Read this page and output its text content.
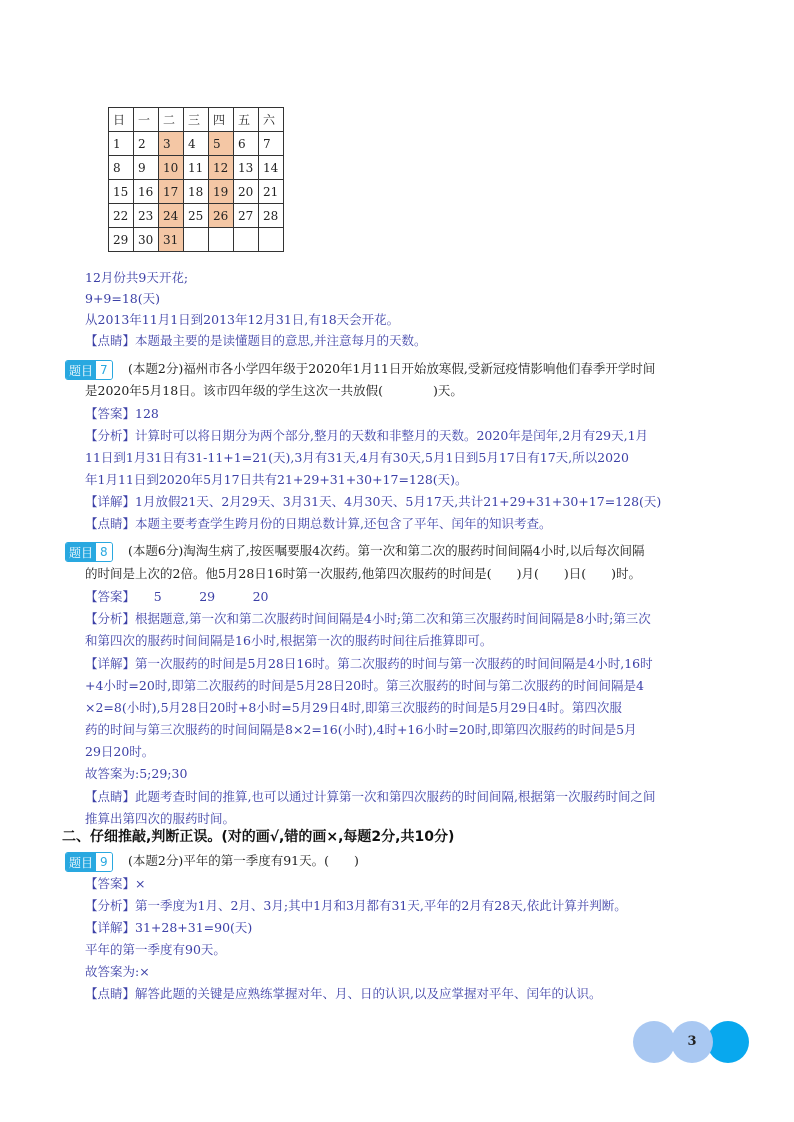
日	一	二	三	四	五	六
1	2	3	4	5	6	7
8	9	10	11	12	13	14
15	16	17	18	19	20	21
22	23	24	25	26	27	28
29	30	31				
12月份共9天开花;
9+9=18(天)
从2013年11月1日到2013年12月31日,有18天会开花。
【点睛】本题最主要的是读懂题目的意思,并注意每月的天数。
题目 7	(本题2分)福州市各小学四年级于2020年1月11日开始放寒假,受新冠疫情影响他们春季开学时间
是2020年5月18日。该市四年级的学生这次一共放假(　　　　)天。
【答案】128
【分析】计算时可以将日期分为两个部分,整月的天数和非整月的天数。2020年是闰年,2月有29天,1月
11日到1月31日有31-11+1=21(天),3月有31天,4月有30天,5月1日到5月17日有17天,所以2020
年1月11日到2020年5月17日共有21+29+31+30+17=128(天)。
【详解】1月放假21天、2月29天、3月31天、4月30天、5月17天,共计21+29+31+30+17=128(天)
【点睛】本题主要考查学生跨月份的日期总数计算,还包含了平年、闰年的知识考查。
题目 8	(本题6分)淘淘生病了,按医嘱要服4次药。第一次和第二次的服药时间间隔4小时,以后每次间隔
的时间是上次的2倍。他5月28日16时第一次服药,他第四次服药的时间是(　　)月(　　)日(　　)时。
【答案】　　5　　　29　　　20
【分析】根据题意,第一次和第二次服药时间间隔是4小时;第二次和第三次服药时间间隔是8小时;第三次
和第四次的服药时间间隔是16小时,根据第一次的服药时间往后推算即可。
【详解】第一次服药的时间是5月28日16时。第二次服药的时间与第一次服药的时间间隔是4小时,16时
+4小时=20时,即第二次服药的时间是5月28日20时。第三次服药的时间与第二次服药的时间间隔是4
×2=8(小时),5月28日20时+8小时=5月29日4时,即第三次服药的时间是5月29日4时。第四次服
药的时间与第三次服药的时间间隔是8×2=16(小时),4时+16小时=20时,即第四次服药的时间是5月
29日20时。
故答案为:5;29;30
【点睛】此题考查时间的推算,也可以通过计算第一次和第四次服药的时间间隔,根据第一次服药时间之间
推算出第四次的服药时间。
二、仔细推敲,判断正误。(对的画√,错的画×,每题2分,共10分)
题目 9	(本题2分)平年的第一季度有91天。(　　)
【答案】×
【分析】第一季度为1月、2月、3月;其中1月和3月都有31天,平年的2月有28天,依此计算并判断。
【详解】31+28+31=90(天)
平年的第一季度有90天。
故答案为:×
【点睛】解答此题的关键是应熟练掌握对年、月、日的认识,以及应掌握对平年、闰年的认识。
3
